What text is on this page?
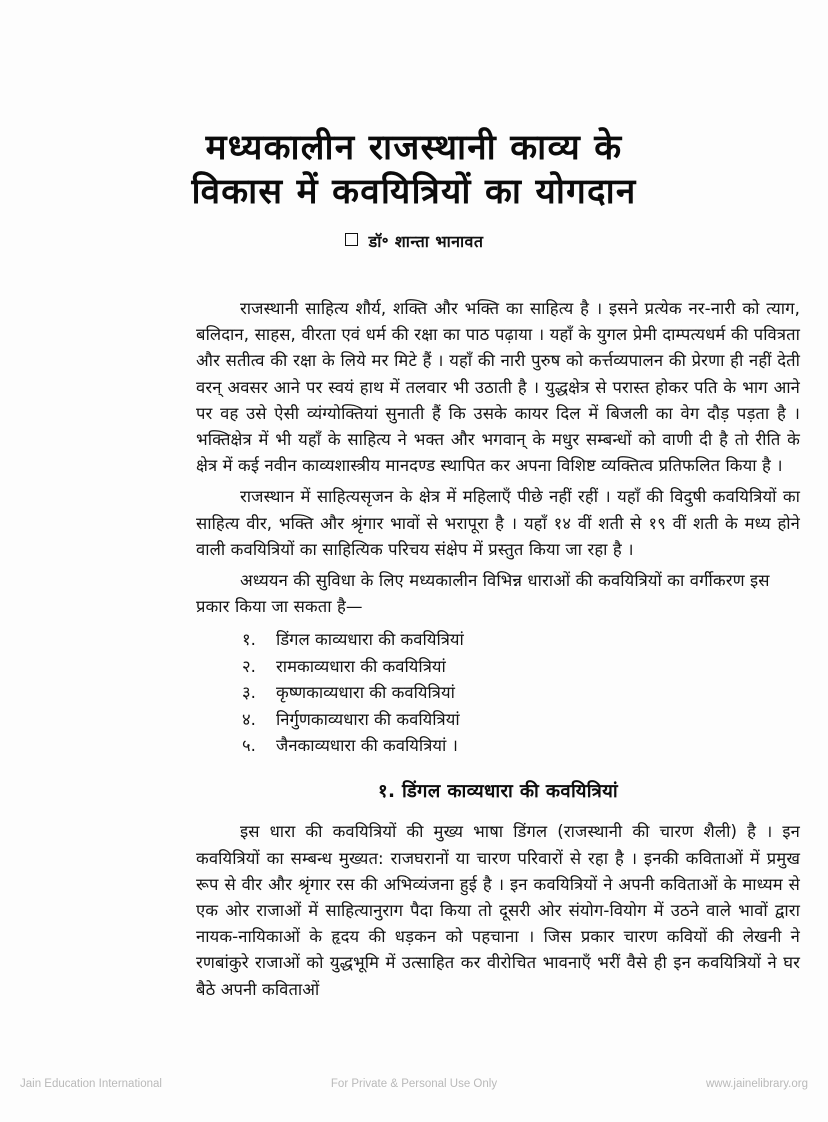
मध्यकालीन राजस्थानी काव्य के
विकास में कवयित्रियों का योगदान
डॉ॰ शान्ता भानावत

राजस्थानी साहित्य शौर्य, शक्ति और भक्ति का साहित्य है । इसने प्रत्येक नर-नारी को त्याग, बलिदान, साहस, वीरता एवं धर्म की रक्षा का पाठ पढ़ाया । यहाँ के युगल प्रेमी दाम्पत्यधर्म की पवित्रता और सतीत्व की रक्षा के लिये मर मिटे हैं । यहाँ की नारी पुरुष को कर्त्तव्यपालन की प्रेरणा ही नहीं देती वरन् अवसर आने पर स्वयं हाथ में तलवार भी उठाती है । युद्धक्षेत्र से परास्त होकर पति के भाग आने पर वह उसे ऐसी व्यंग्योक्तियां सुनाती हैं कि उसके कायर दिल में बिजली का वेग दौड़ पड़ता है । भक्तिक्षेत्र में भी यहाँ के साहित्य ने भक्त और भगवान् के मधुर सम्बन्धों को वाणी दी है तो रीति के क्षेत्र में कई नवीन काव्यशास्त्रीय मानदण्ड स्थापित कर अपना विशिष्ट व्यक्तित्व प्रतिफलित किया है ।

राजस्थान में साहित्यसृजन के क्षेत्र में महिलाएँ पीछे नहीं रहीं । यहाँ की विदुषी कवयित्रियों का साहित्य वीर, भक्ति और श्रृंगार भावों से भरापूरा है । यहाँ १४ वीं शती से १९ वीं शती के मध्य होने वाली कवयित्रियों का साहित्यिक परिचय संक्षेप में प्रस्तुत किया जा रहा है ।

अध्ययन की सुविधा के लिए मध्यकालीन विभिन्न धाराओं की कवयित्रियों का वर्गीकरण इस प्रकार किया जा सकता है—

१.	डिंगल काव्यधारा की कवयित्रियां
२.	रामकाव्यधारा की कवयित्रियां
३.	कृष्णकाव्यधारा की कवयित्रियां
४.	निर्गुणकाव्यधारा की कवयित्रियां
५.	जैनकाव्यधारा की कवयित्रियां ।
१. डिंगल काव्यधारा की कवयित्रियां

इस धारा की कवयित्रियों की मुख्य भाषा डिंगल (राजस्थानी की चारण शैली) है । इन कवयित्रियों का सम्बन्ध मुख्यत: राजघरानों या चारण परिवारों से रहा है । इनकी कविताओं में प्रमुख रूप से वीर और श्रृंगार रस की अभिव्यंजना हुई है । इन कवयित्रियों ने अपनी कविताओं के माध्यम से एक ओर राजाओं में साहित्यानुराग पैदा किया तो दूसरी ओर संयोग-वियोग में उठने वाले भावों द्वारा नायक-नायिकाओं के हृदय की धड़कन को पहचाना । जिस प्रकार चारण कवियों की लेखनी ने रणबांकुरे राजाओं को युद्धभूमि में उत्साहित कर वीरोचित भावनाएँ भरीं वैसे ही इन कवयित्रियों ने घर बैठे अपनी कविताओं

Jain Education International	For Private & Personal Use Only	www.jainelibrary.org
